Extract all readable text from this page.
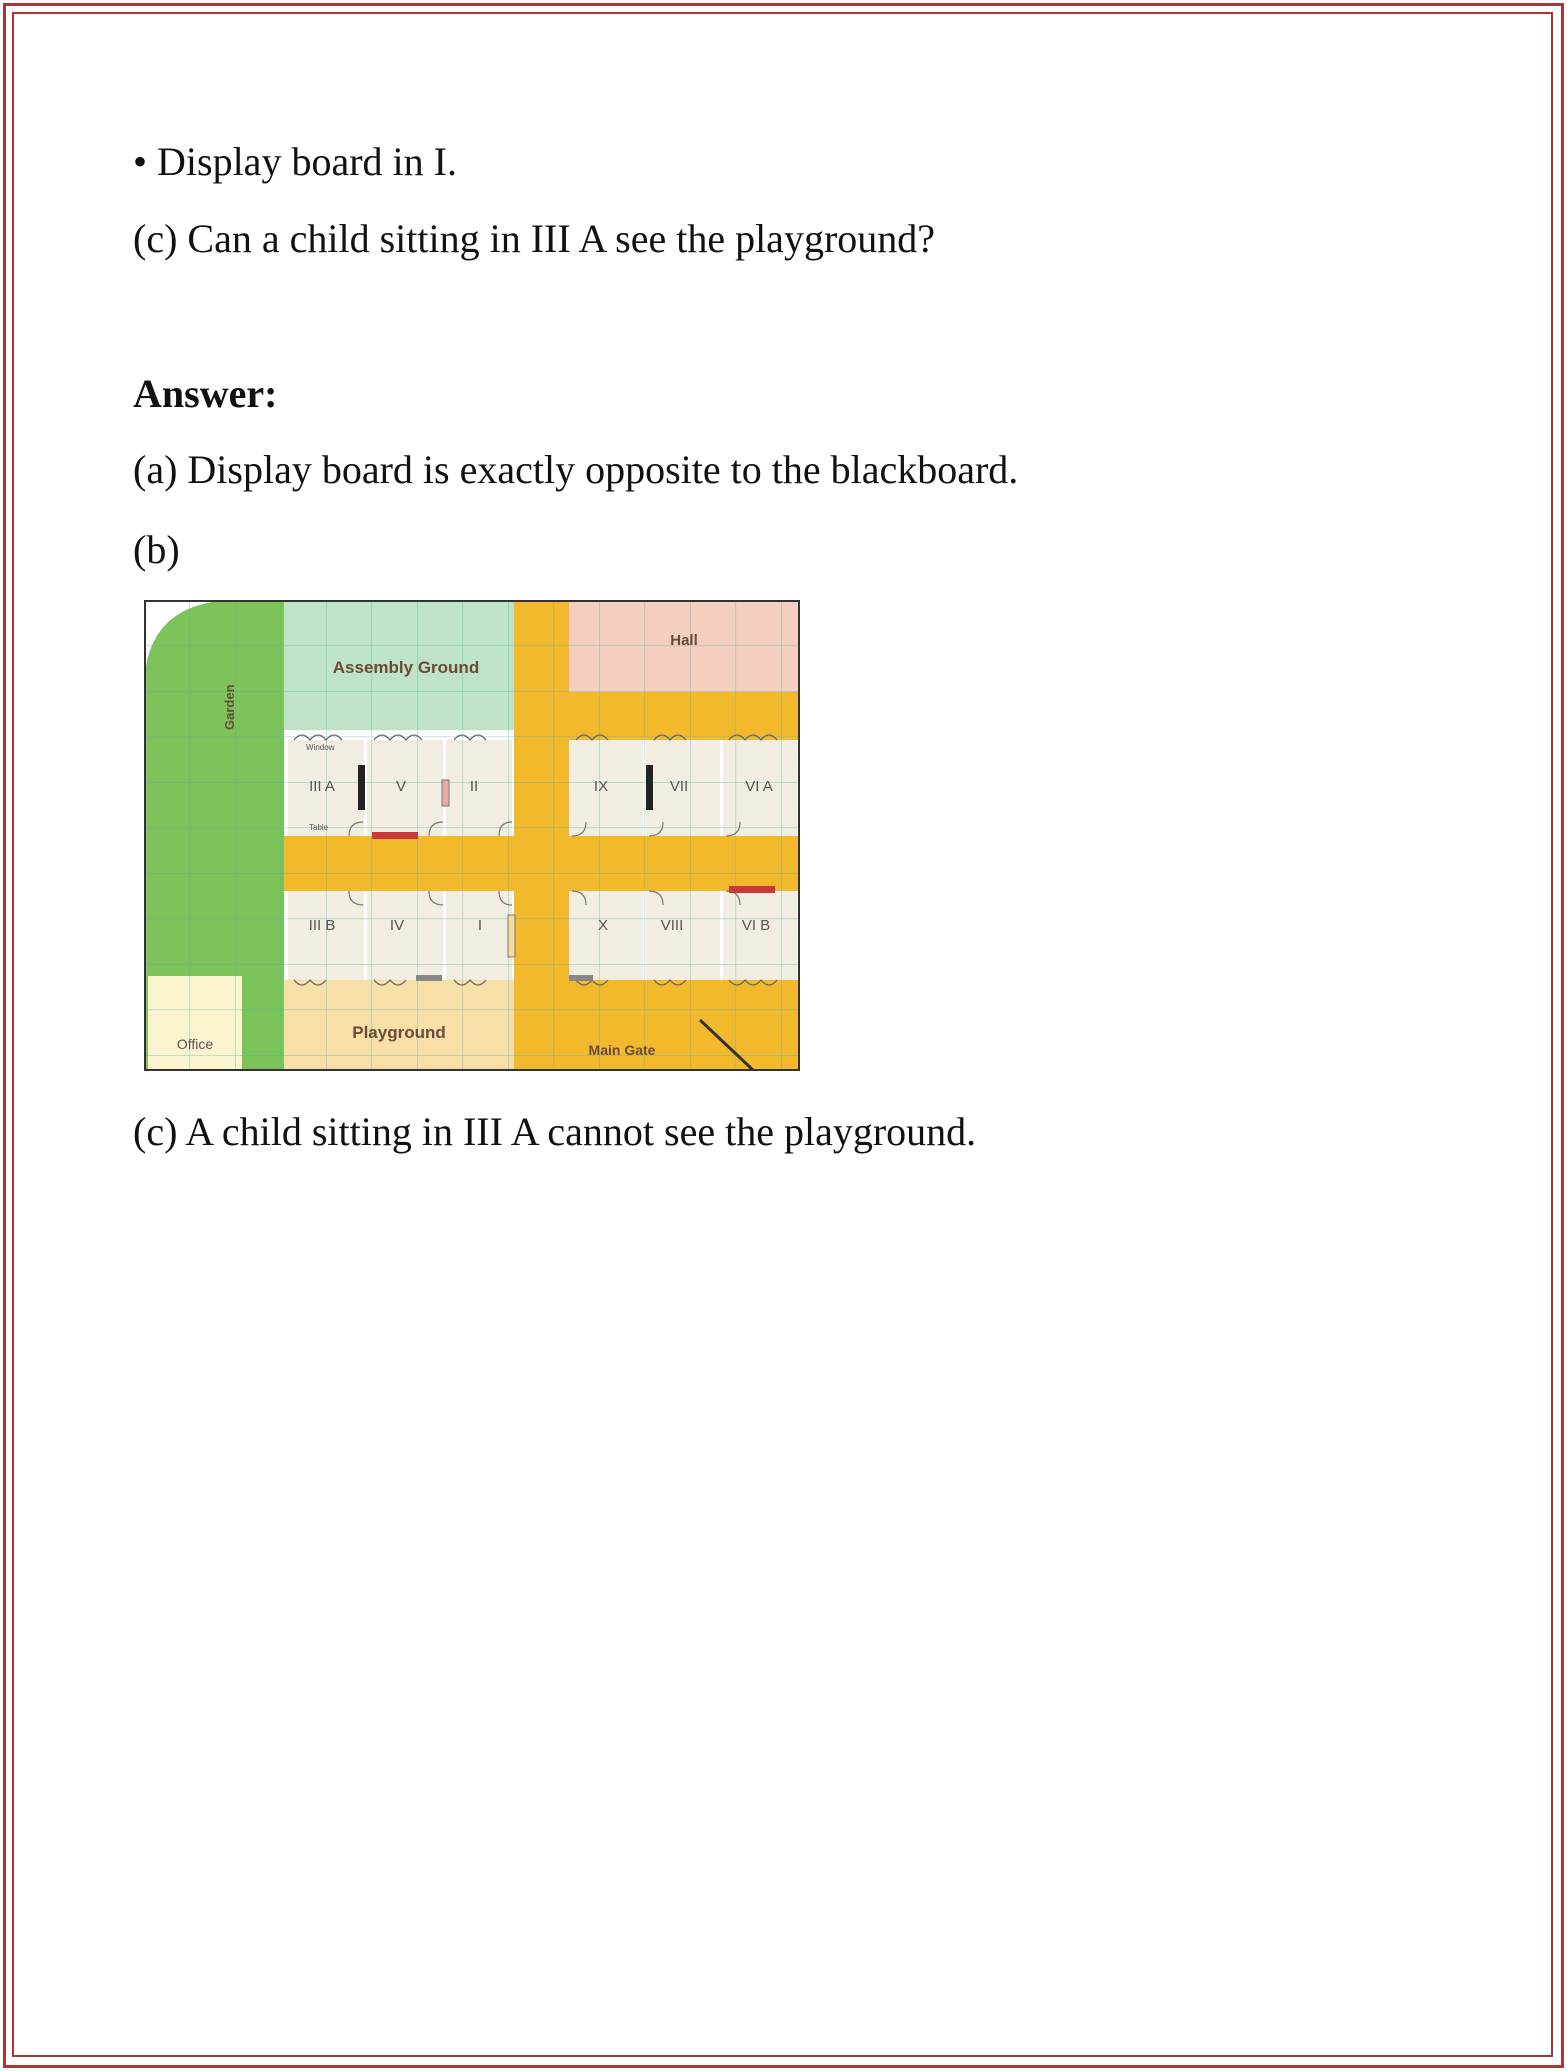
• Display board in I.
(c) Can a child sitting in III A see the playground?
Answer:
(a) Display board is exactly opposite to the blackboard.
(b)
Garden
Assembly Ground
Hall
Window
Table
Office
Playground
Main Gate
III A	V	II	IX	VII	VI A
III B	IV	I	X	VIII	VI B
(c) A child sitting in III A cannot see the playground.
